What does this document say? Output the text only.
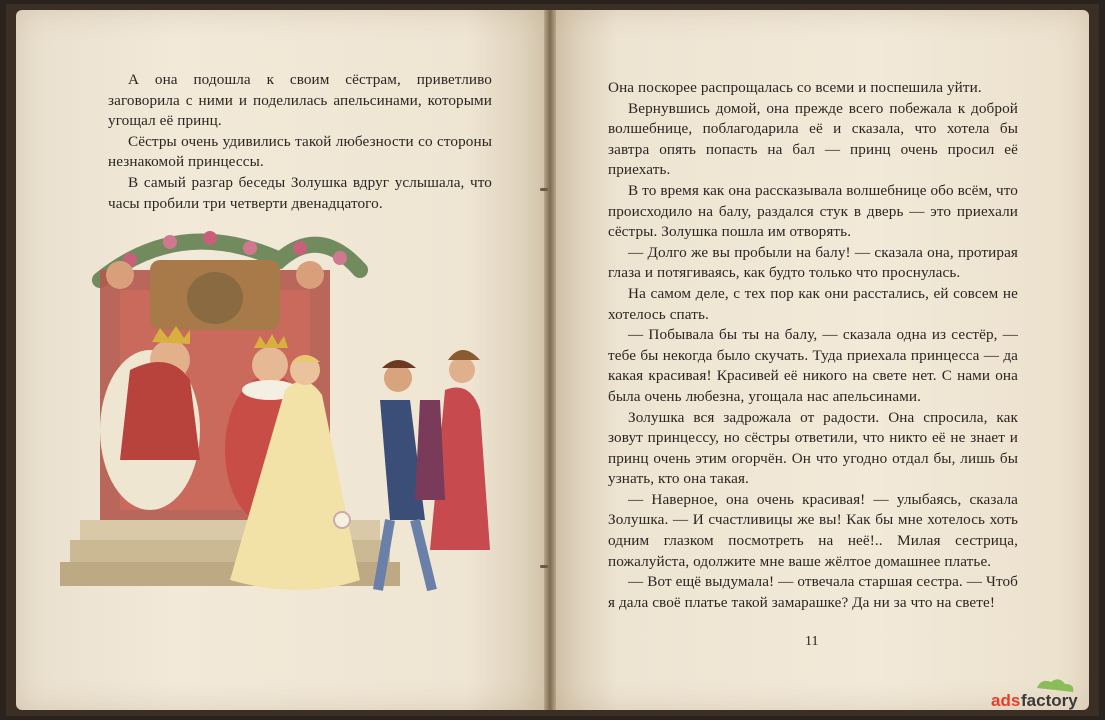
А она подошла к своим сёстрам, приветливо заговорила с ними и поделилась апельсинами, которыми угощал её принц.

Сёстры очень удивились такой любезности со стороны незнакомой принцессы.

В самый разгар беседы Золушка вдруг услышала, что часы пробили три четверти двенадцатого.

Она поскорее распрощалась со всеми и поспешила уйти.

Вернувшись домой, она прежде всего побежала к доброй волшебнице, поблагодарила её и сказала, что хотела бы завтра опять попасть на бал — принц очень просил её приехать.

В то время как она рассказывала волшебнице обо всём, что происходило на балу, раздался стук в дверь — это приехали сёстры. Золушка пошла им отворять.

— Долго же вы пробыли на балу! — сказала она, протирая глаза и потягиваясь, как будто только что проснулась.

На самом деле, с тех пор как они расстались, ей совсем не хотелось спать.

— Побывала бы ты на балу, — сказала одна из сестёр, — тебе бы некогда было скучать. Туда приехала принцесса — да какая красивая! Красивей её никого на свете нет. С нами она была очень любезна, угощала нас апельсинами.

Золушка вся задрожала от радости. Она спросила, как зовут принцессу, но сёстры ответили, что никто её не знает и принц очень этим огорчён. Он что угодно отдал бы, лишь бы узнать, кто она такая.

— Наверное, она очень красивая! — улыбаясь, сказала Золушка. — И счастливицы же вы! Как бы мне хотелось хоть одним глазком посмотреть на неё!.. Милая сестрица, пожалуйста, одолжите мне ваше жёлтое домашнее платье.

— Вот ещё выдумала! — отвечала старшая сестра. — Чтоб я дала своё платье такой замарашке? Да ни за что на свете!

11
ads factory
